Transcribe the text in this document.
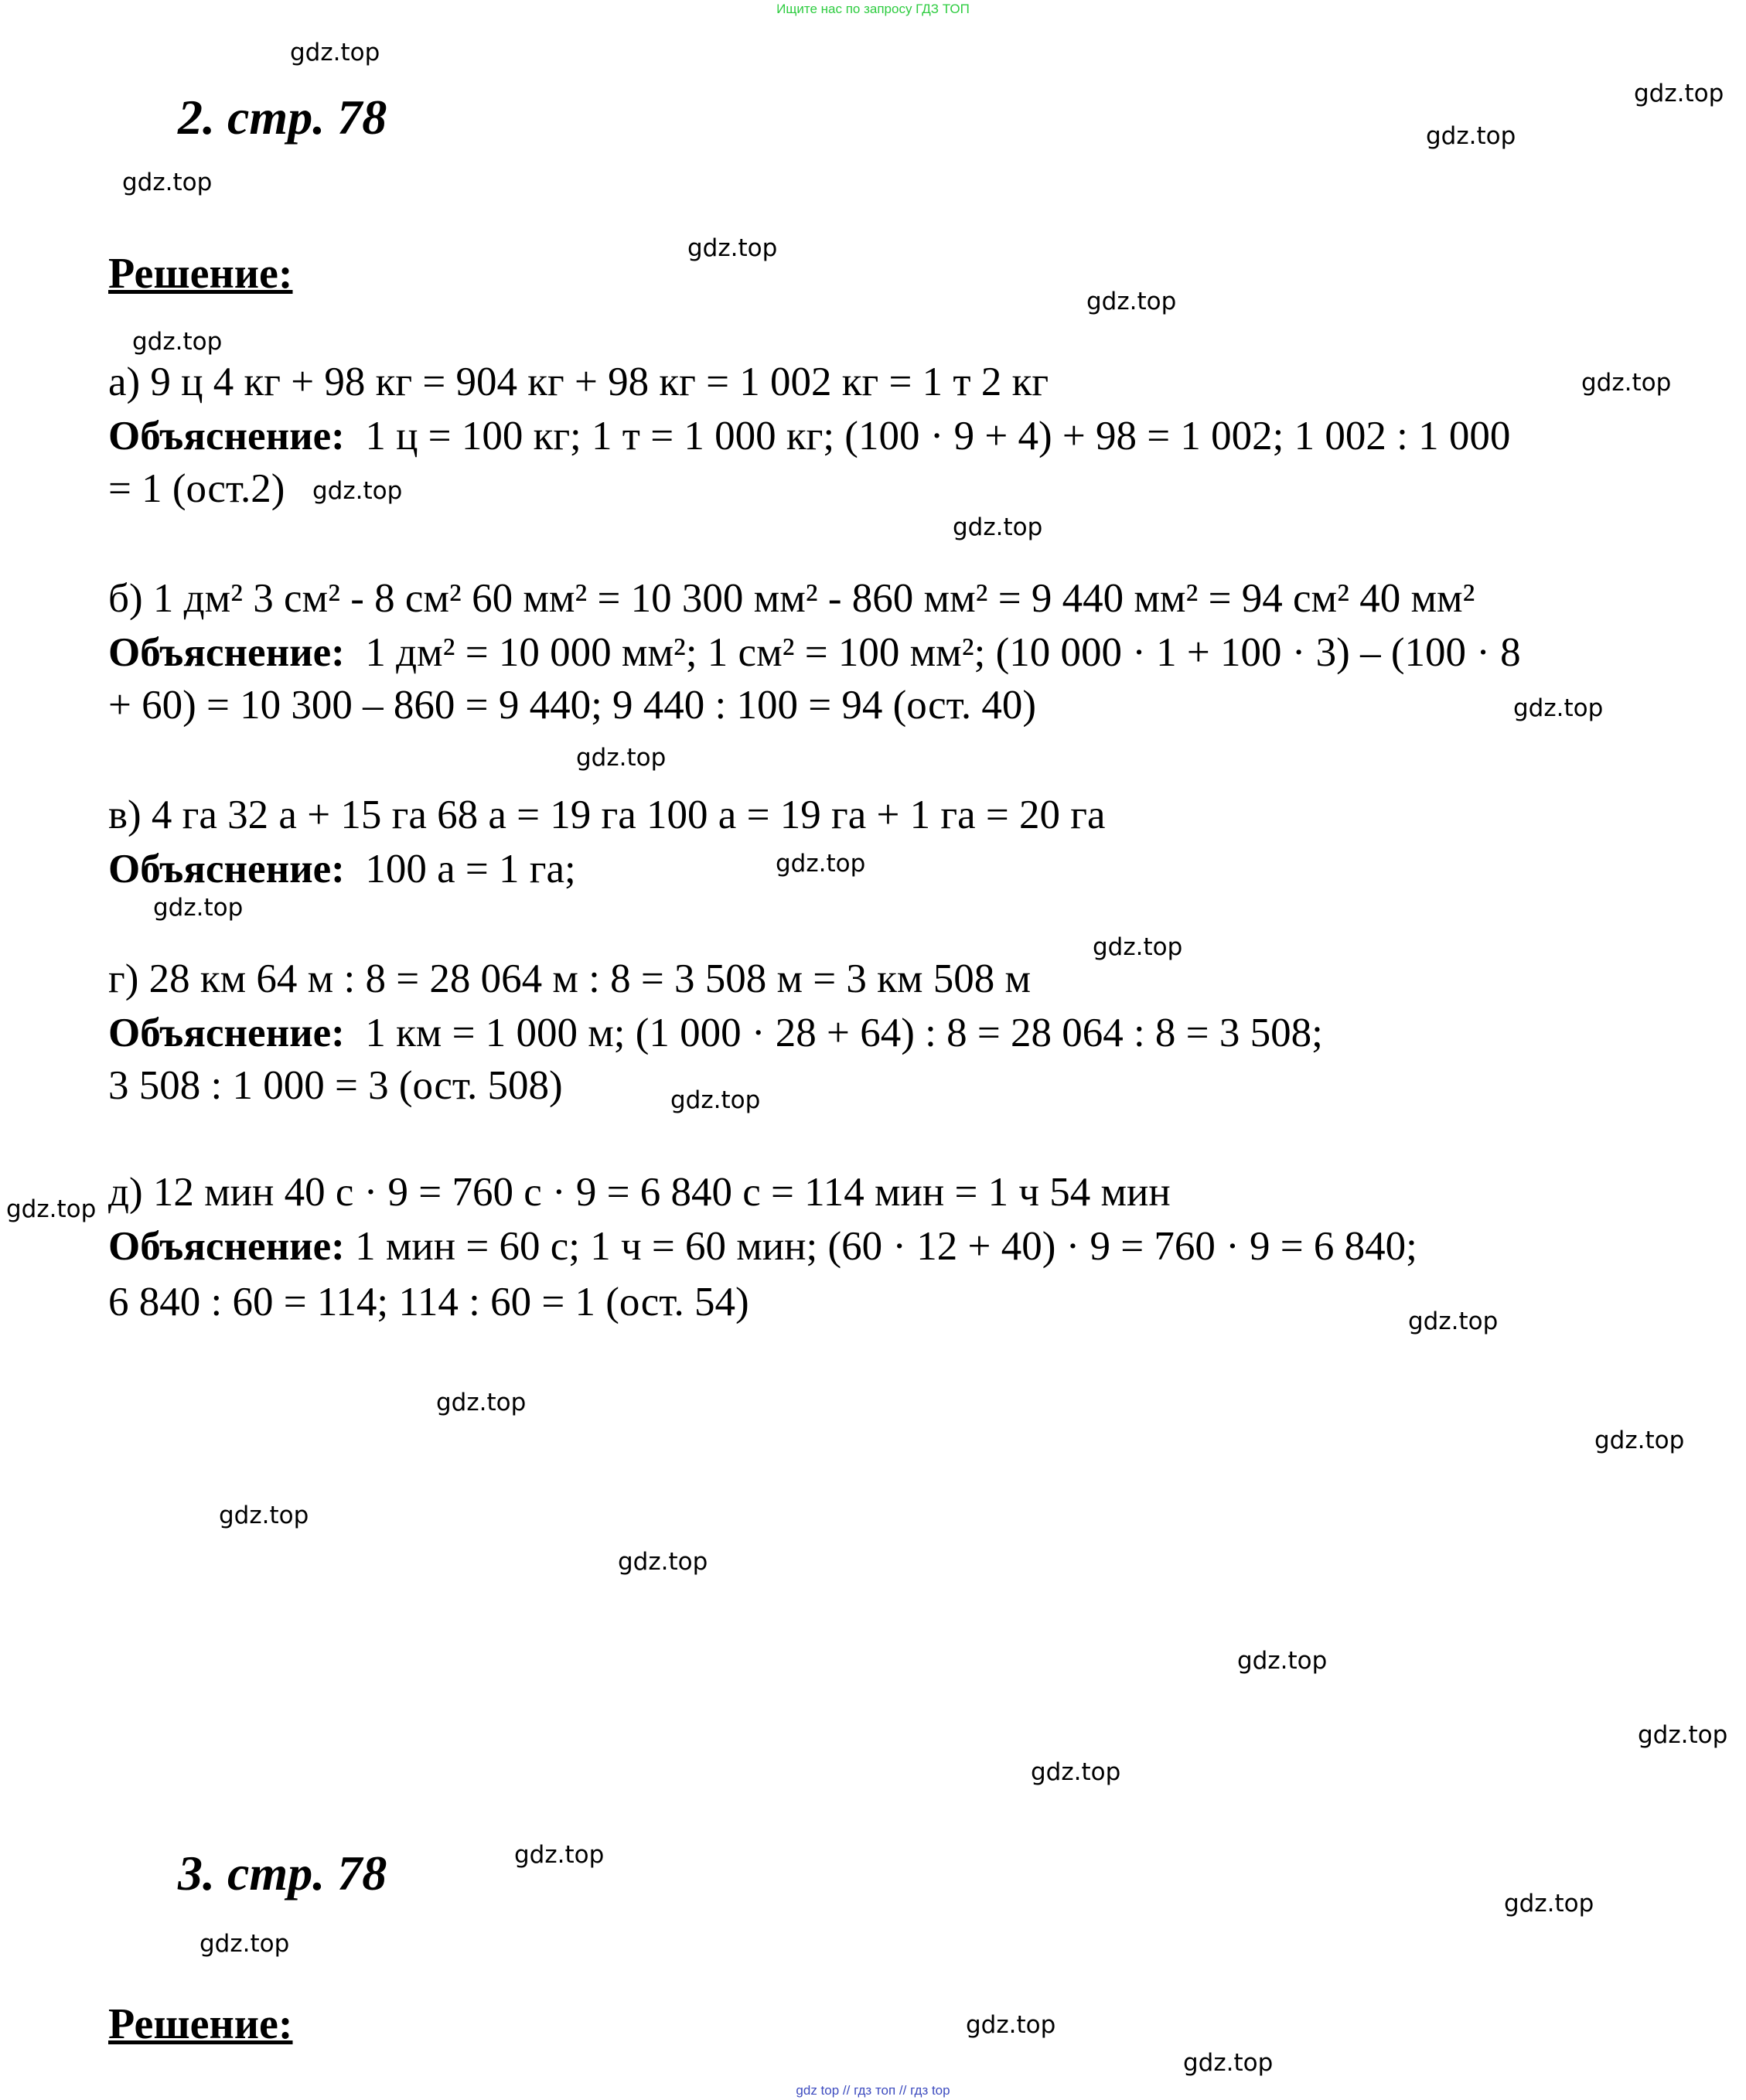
Ищите нас по запросу ГДЗ ТОП
2. стр. 78
Решение:
а) 9 ц 4 кг + 98 кг = 904 кг + 98 кг = 1 002 кг = 1 т 2 кг
Объяснение: 1 ц = 100 кг; 1 т = 1 000 кг; (100 · 9 + 4) + 98 = 1 002; 1 002 : 1 000
= 1 (ост.2)
б) 1 дм² 3 см² - 8 см² 60 мм² = 10 300 мм² - 860 мм² = 9 440 мм² = 94 см² 40 мм²
Объяснение: 1 дм² = 10 000 мм²; 1 см² = 100 мм²; (10 000 · 1 + 100 · 3) – (100 · 8
+ 60) = 10 300 – 860 = 9 440; 9 440 : 100 = 94 (ост. 40)
в) 4 га 32 а + 15 га 68 а = 19 га 100 а = 19 га + 1 га = 20 га
Объяснение: 100 а = 1 га;
г) 28 км 64 м : 8 = 28 064 м : 8 = 3 508 м = 3 км 508 м
Объяснение: 1 км = 1 000 м; (1 000 · 28 + 64) : 8 = 28 064 : 8 = 3 508;
3 508 : 1 000 = 3 (ост. 508)
д) 12 мин 40 с · 9 = 760 с · 9 = 6 840 с = 114 мин = 1 ч 54 мин
Объяснение: 1 мин = 60 с; 1 ч = 60 мин; (60 · 12 + 40) · 9 = 760 · 9 = 6 840;
6 840 : 60 = 114; 114 : 60 = 1 (ост. 54)
3. стр. 78
Решение:
gdz.top
gdz.top
gdz.top
gdz.top
gdz.top
gdz.top
gdz.top
gdz.top
gdz.top
gdz.top
gdz.top
gdz.top
gdz.top
gdz.top
gdz.top
gdz.top
gdz.top
gdz.top
gdz.top
gdz.top
gdz.top
gdz.top
gdz.top
gdz.top
gdz.top
gdz.top
gdz.top
gdz.top
gdz.top
gdz.top
gdz top // гдз топ // гдз top
